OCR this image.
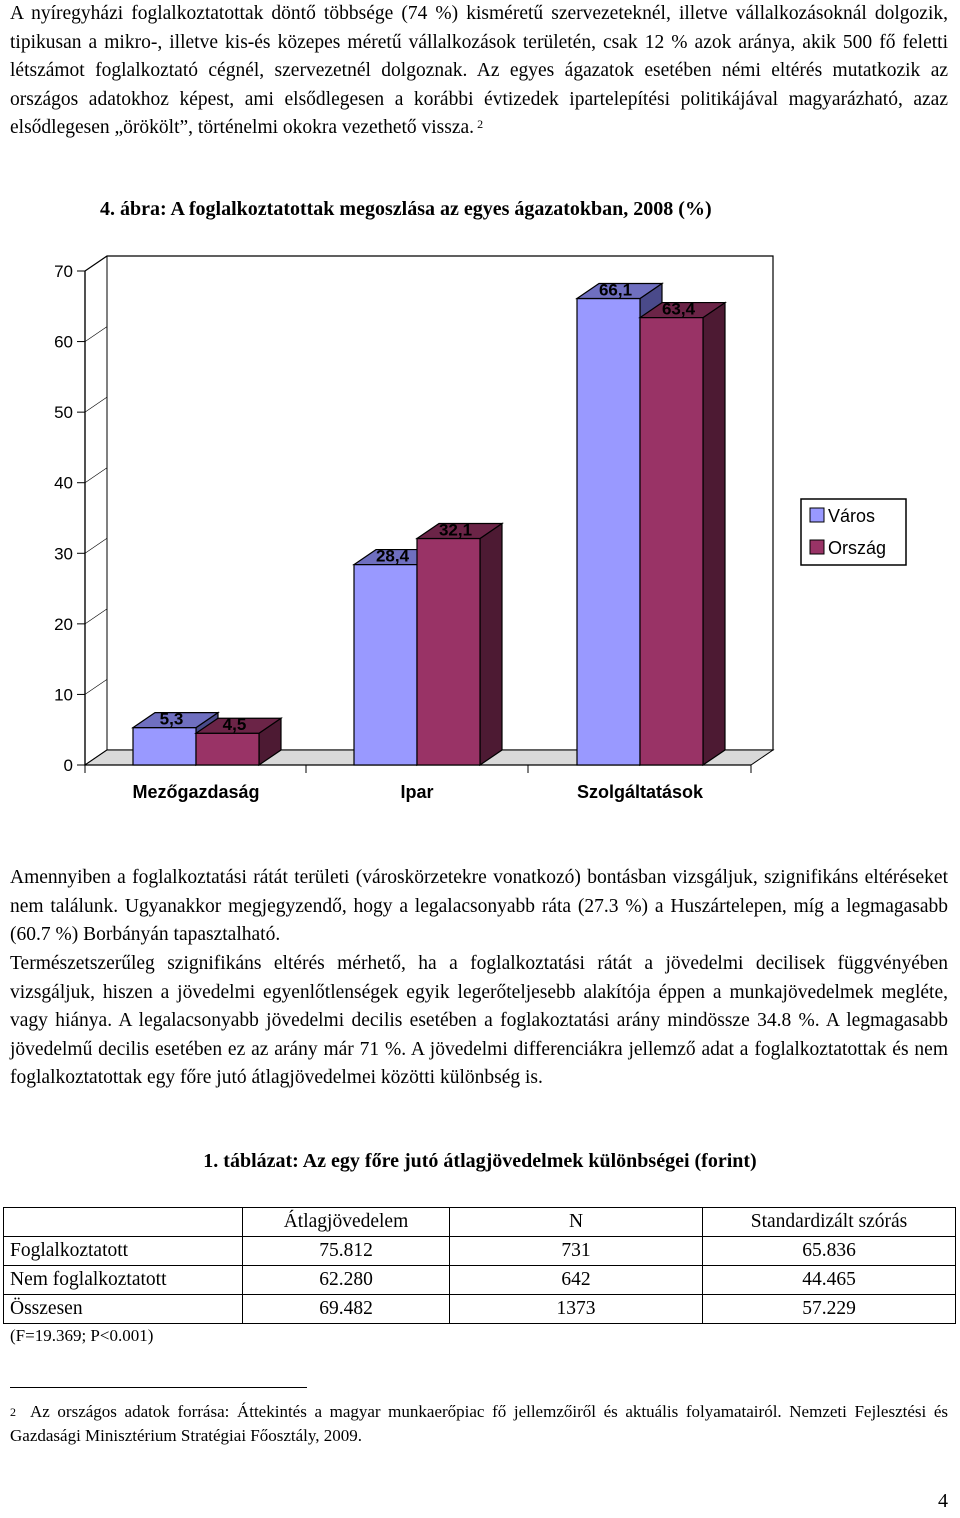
A nyíregyházi foglalkoztatottak döntő többsége (74 %) kisméretű szervezeteknél, illetve vállalkozásoknál dolgozik, tipikusan a mikro-, illetve kis-és közepes méretű vállalkozások területén, csak 12 % azok aránya, akik 500 fő feletti létszámot foglalkoztató cégnél, szervezetnél dolgoznak. Az egyes ágazatok esetében némi eltérés mutatkozik az országos adatokhoz képest, ami elsődlegesen a korábbi évtizedek ipartelepítési politikájával magyarázható, azaz elsődlegesen „örökölt”, történelmi okokra vezethető vissza. $^2$

4. ábra: A foglalkoztatottak megoszlása az egyes ágazatokban, 2008 (%)
0
10
20
30
40
50
60
70
5,3 4,5
Mezőgazdaság
28,4
32,1
Ipar
66,1
63,4
Szolgáltatások
Város
Ország

Amennyiben a foglalkoztatási rátát területi (városkörzetekre vonatkozó) bontásban vizsgáljuk, szignifikáns eltéréseket nem találunk. Ugyanakkor megjegyzendő, hogy a legalacsonyabb ráta (27.3 %) a Huszártelepen, míg a legmagasabb (60.7 %) Borbányán tapasztalható.

Természetszerűleg szignifikáns eltérés mérhető, ha a foglalkoztatási rátát a jövedelmi decilisek függvényében vizsgáljuk, hiszen a jövedelmi egyenlőtlenségek egyik legerőteljesebb alakítója éppen a munkajövedelmek megléte, vagy hiánya. A legalacsonyabb jövedelmi decilis esetében a foglakoztatási arány mindössze 34.8 %. A legmagasabb jövedelmű decilis esetében ez az arány már 71 %. A jövedelmi differenciákra jellemző adat a foglalkoztatottak és nem foglalkoztatottak egy főre jutó átlagjövedelmei közötti különbség is.

1. táblázat: Az egy főre jutó átlagjövedelmek különbségei (forint)
	Átlagjövedelem	N	Standardizált szórás
Foglalkoztatott	75.812	731	65.836
Nem foglalkoztatott	62.280	642	44.465
Összesen	69.482	1373	57.229
(F=19.369; P<0.001)

$^2$ Az országos adatok forrása: Áttekintés a magyar munkaerőpiac fő jellemzőiről és aktuális folyamatairól. Nemzeti Fejlesztési és Gazdasági Minisztérium Stratégiai Főosztály, 2009.

4
